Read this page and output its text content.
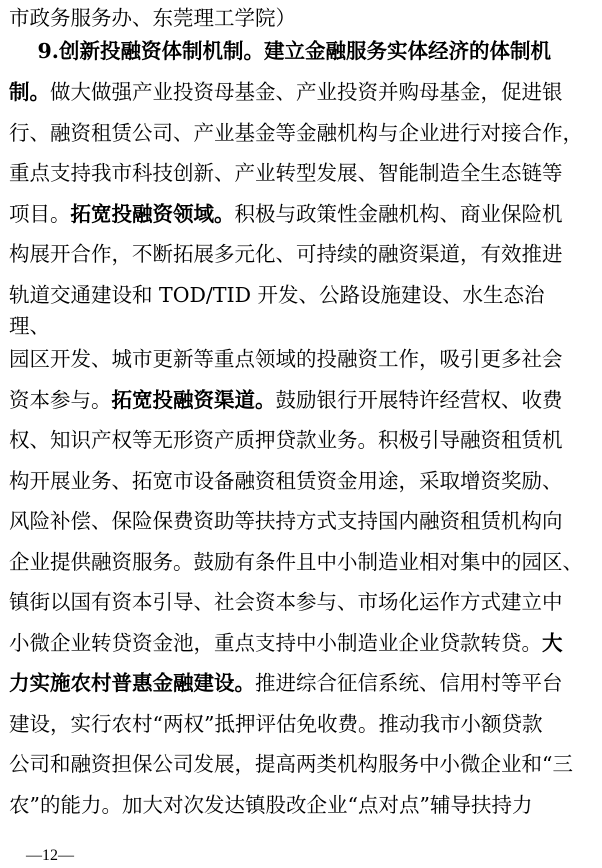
市政务服务办、东莞理工学院）
9.创新投融资体制机制。建立金融服务实体经济的体制机
制。做大做强产业投资母基金、产业投资并购母基金，促进银
行、融资租赁公司、产业基金等金融机构与企业进行对接合作，
重点支持我市科技创新、产业转型发展、智能制造全生态链等
项目。拓宽投融资领域。积极与政策性金融机构、商业保险机
构展开合作，不断拓展多元化、可持续的融资渠道，有效推进
轨道交通建设和 TOD/TID 开发、公路设施建设、水生态治
理、
园区开发、城市更新等重点领域的投融资工作，吸引更多社会
资本参与。拓宽投融资渠道。鼓励银行开展特许经营权、收费
权、知识产权等无形资产质押贷款业务。积极引导融资租赁机
构开展业务、拓宽市设备融资租赁资金用途，采取增资奖励、
风险补偿、保险保费资助等扶持方式支持国内融资租赁机构向
企业提供融资服务。鼓励有条件且中小制造业相对集中的园区、
镇街以国有资本引导、社会资本参与、市场化运作方式建立中
小微企业转贷资金池，重点支持中小制造业企业贷款转贷。大
力实施农村普惠金融建设。推进综合征信系统、信用村等平台
建设，实行农村“两权”抵押评估免收费。推动我市小额贷款
公司和融资担保公司发展，提高两类机构服务中小微企业和“三
农”的能力。加大对次发达镇股改企业“点对点”辅导扶持力
—12—
